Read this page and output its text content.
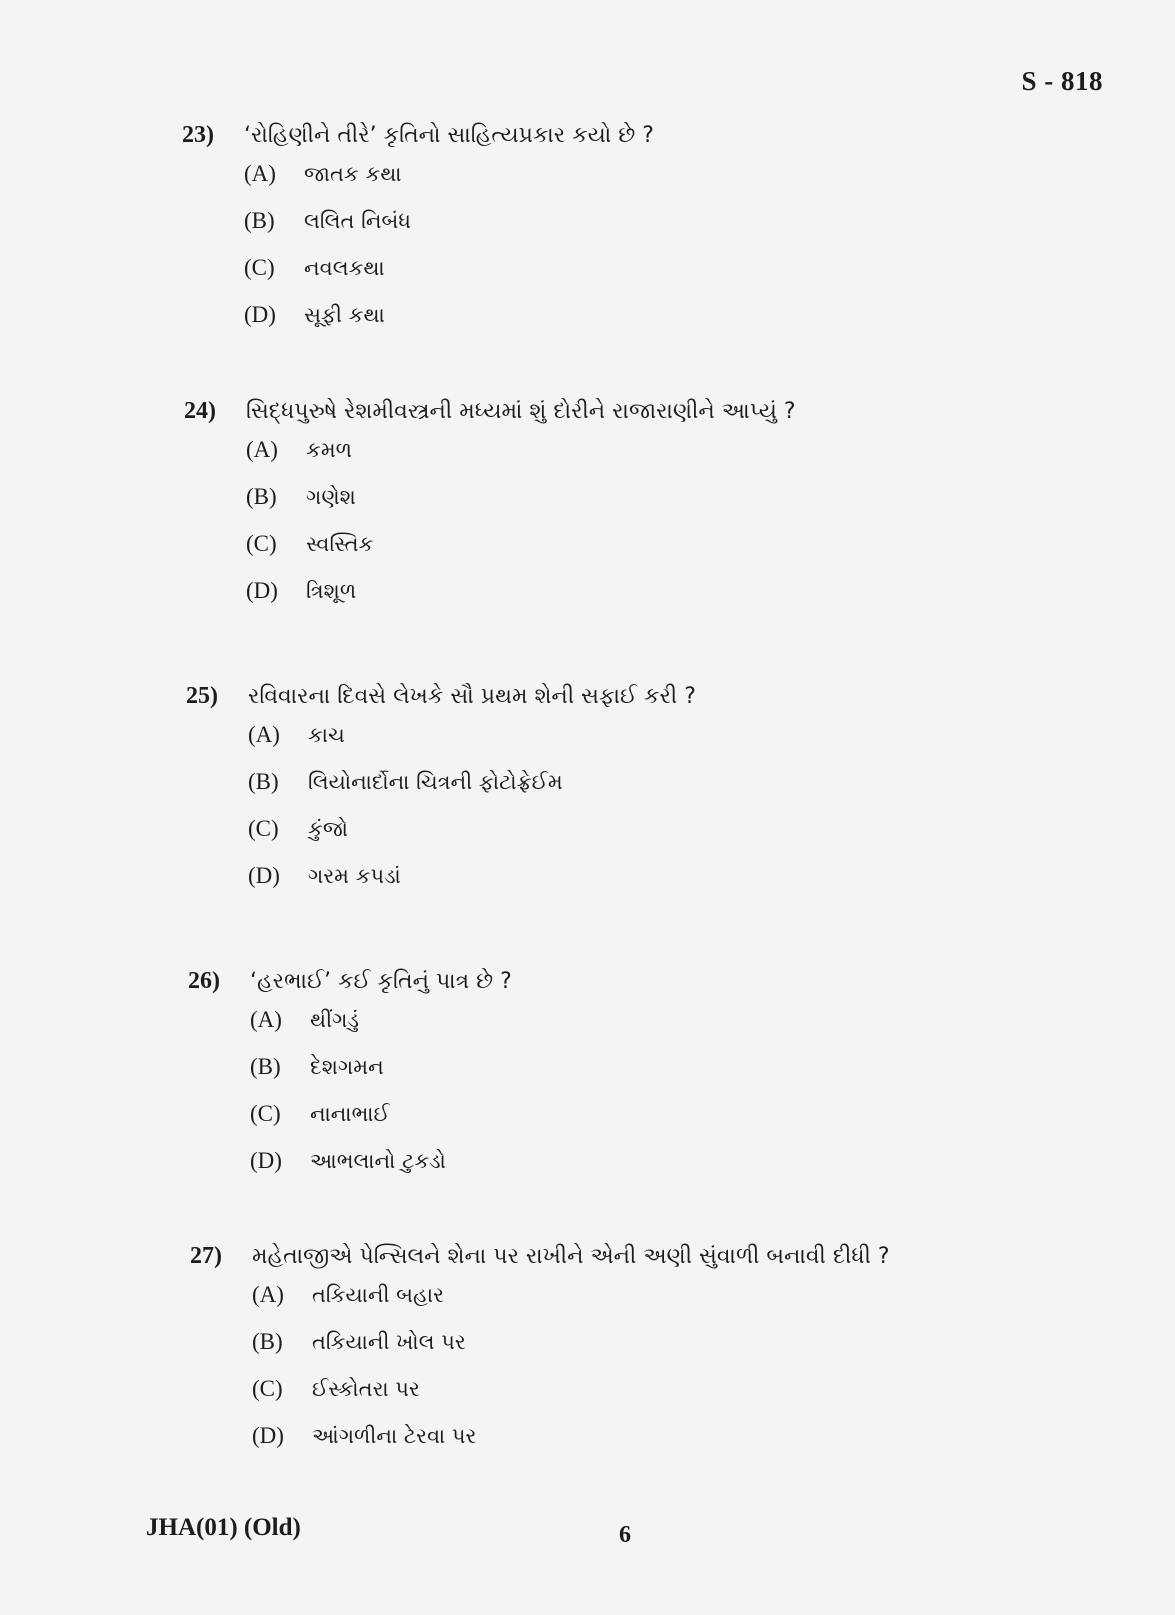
S - 818
23)	‘રોહિણીને તીરે’ કૃતિનો સાહિત્યપ્રકાર કયો છે ?
(A)	જાતક કથા
(B)	લલિત નિબંધ
(C)	નવલકથા
(D)	સૂફી કથા
24)	સિદ્ધપુરુષે રેશમીવસ્ત્રની મધ્યમાં શું દોરીને રાજારાણીને આપ્યું ?
(A)	કમળ
(B)	ગણેશ
(C)	સ્વસ્તિક
(D)	ત્રિશૂળ
25)	રવિવારના દિવસે લેખકે સૌ પ્રથમ શેની સફાઈ કરી ?
(A)	કાચ
(B)	લિયોનાર્દોના ચિત્રની ફોટોફ્રેઈમ
(C)	કુંજો
(D)	ગરમ કપડાં
26)	‘હરભાઈ’ કઈ કૃતિનું પાત્ર છે ?
(A)	થીંગડું
(B)	દેશગમન
(C)	નાનાભાઈ
(D)	આભલાનો ટુકડો
27)	મહેતાજીએ પેન્સિલને શેના પર રાખીને એની અણી સુંવાળી બનાવી દીધી ?
(A)	તકિયાની બહાર
(B)	તકિયાની ખોલ પર
(C)	ઈસ્કોતરા પર
(D)	આંગળીના ટેરવા પર
JHA(01) (Old)	6
